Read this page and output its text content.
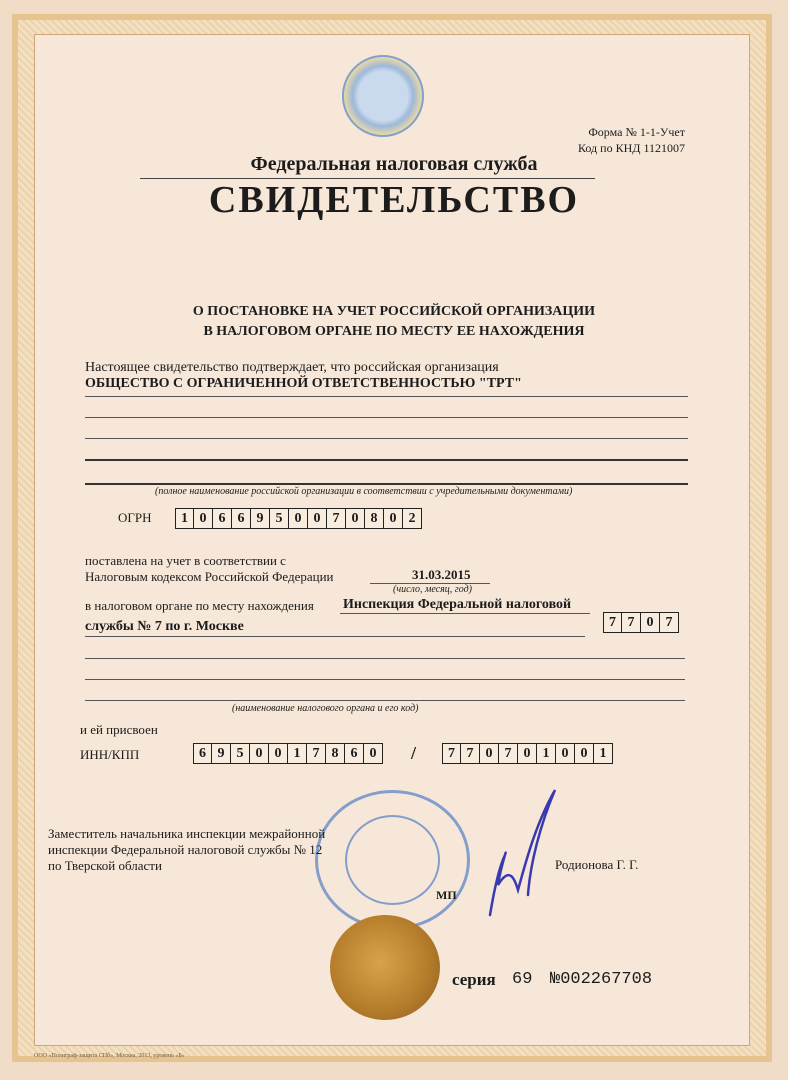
Форма № 1-1-Учет
Код по КНД 1121007
Федеральная налоговая служба
СВИДЕТЕЛЬСТВО
О ПОСТАНОВКЕ НА УЧЕТ РОССИЙСКОЙ ОРГАНИЗАЦИИ
В НАЛОГОВОМ ОРГАНЕ ПО МЕСТУ ЕЕ НАХОЖДЕНИЯ
Настоящее свидетельство подтверждает, что российская организация
ОБЩЕСТВО С ОГРАНИЧЕННОЙ ОТВЕТСТВЕННОСТЬЮ "ТРТ"
(полное наименование российской организации в соответствии с учредительными документами)
ОГРН	1 0 6 6 9 5 0 0 7 0 8 0 2
поставлена на учет в соответствии с
Налоговым кодексом Российской Федерации	31.03.2015
(число, месяц, год)
в налоговом органе по месту нахождения Инспекция Федеральной налоговой
службы № 7 по г. Москве	7 7 0 7
(наименование налогового органа и его код)
и ей присвоен
ИНН/КПП	6 9 5 0 0 1 7 8 6 0	/	7 7 0 7 0 1 0 0 1
Заместитель начальника инспекции межрайонной
инспекции Федеральной налоговой службы № 12
по Тверской области	Родионова Г. Г.
МП
серия 69 №002267708
ООО «Полиграф-защита СПб», Москва, 2013, уровень «Б»
